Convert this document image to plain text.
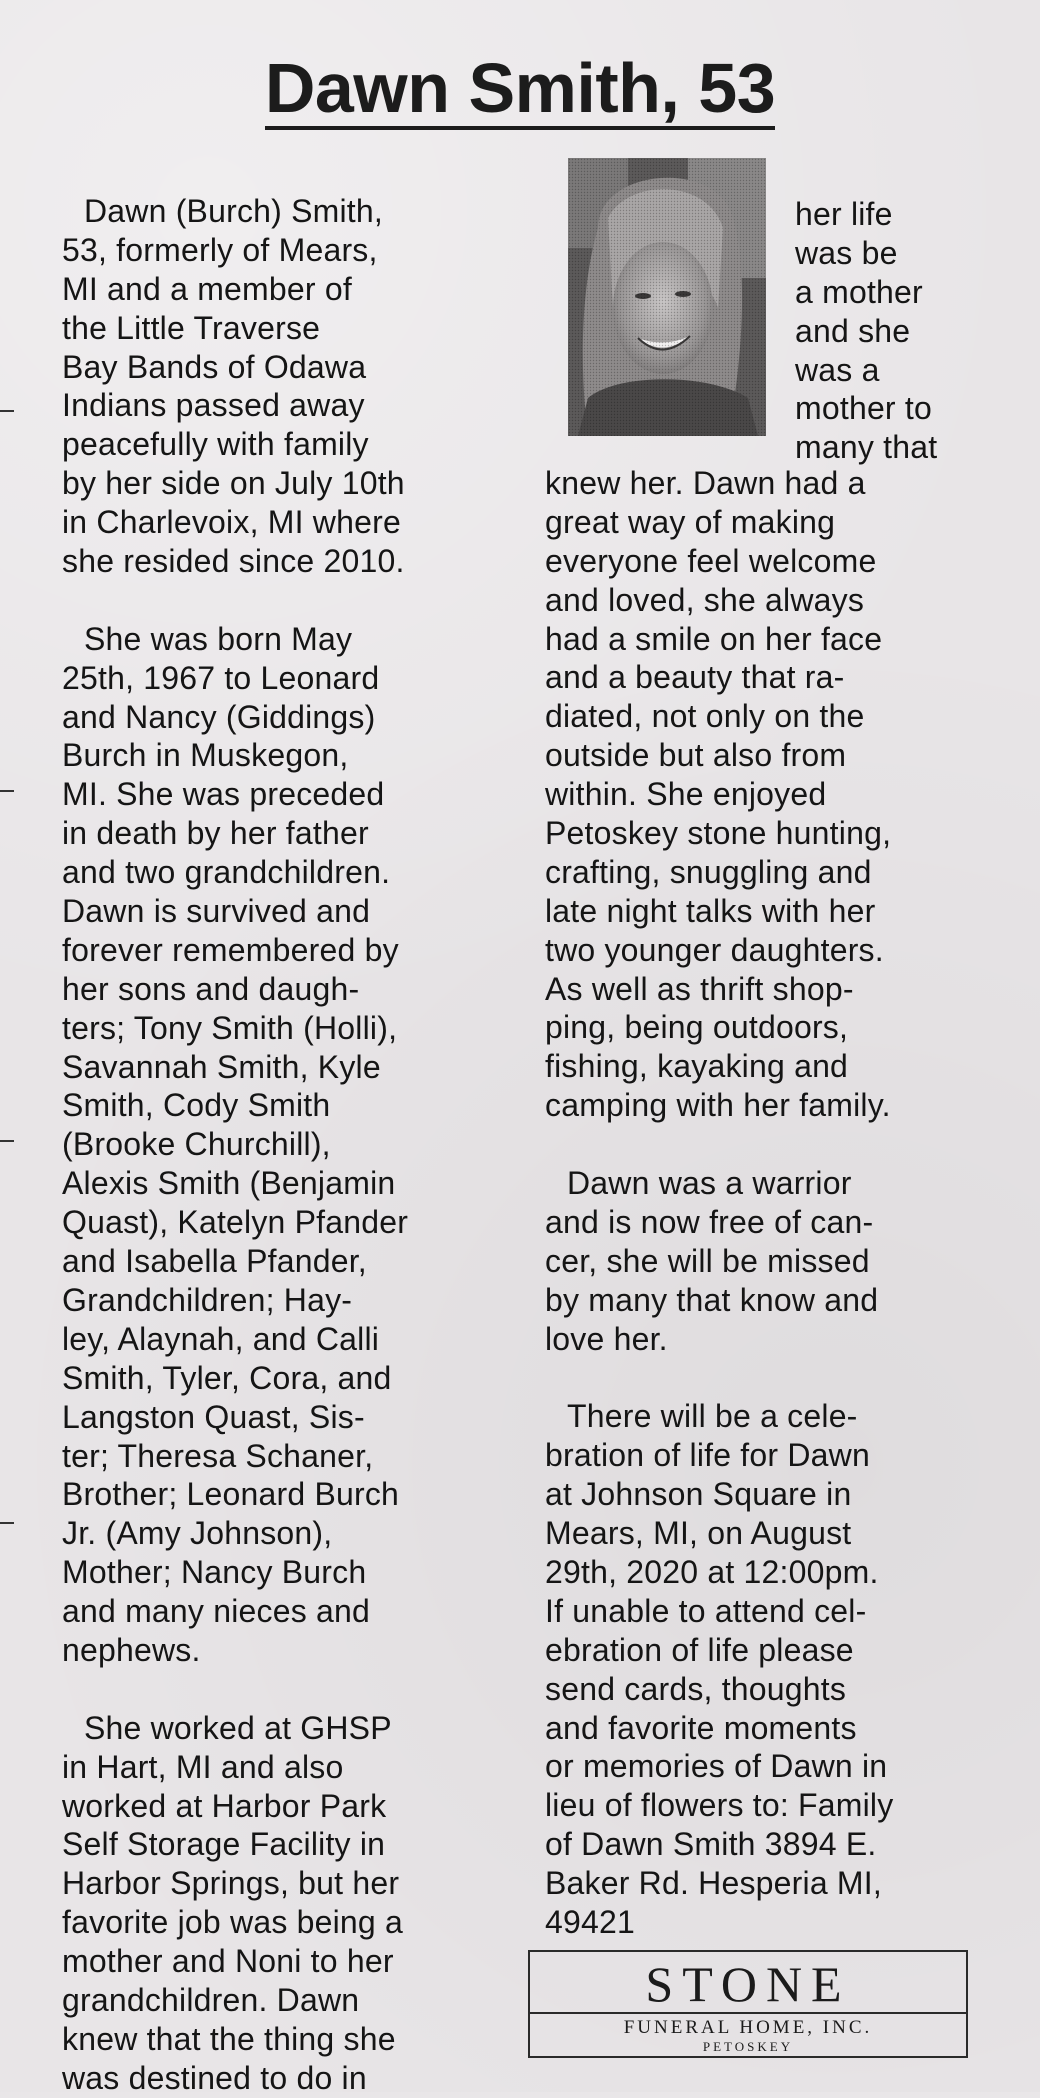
Dawn Smith, 53
Dawn (Burch) Smith,
53, formerly of Mears,
MI and a member of
the Little Traverse
Bay Bands of Odawa
Indians passed away
peacefully with family
by her side on July 10th
in Charlevoix, MI where
she resided since 2010.
She was born May
25th, 1967 to Leonard
and Nancy (Giddings)
Burch in Muskegon,
MI. She was preceded
in death by her father
and two grandchildren.
Dawn is survived and
forever remembered by
her sons and daugh-
ters; Tony Smith (Holli),
Savannah Smith, Kyle
Smith, Cody Smith
(Brooke Churchill),
Alexis Smith (Benjamin
Quast), Katelyn Pfander
and Isabella Pfander,
Grandchildren; Hay-
ley, Alaynah, and Calli
Smith, Tyler, Cora, and
Langston Quast, Sis-
ter; Theresa Schaner,
Brother; Leonard Burch
Jr. (Amy Johnson),
Mother; Nancy Burch
and many nieces and
nephews.
She worked at GHSP
in Hart, MI and also
worked at Harbor Park
Self Storage Facility in
Harbor Springs, but her
favorite job was being a
mother and Noni to her
grandchildren. Dawn
knew that the thing she
was destined to do in
her life
was be
a mother
and she
was a
mother to
many that
knew her. Dawn had a
great way of making
everyone feel welcome
and loved, she always
had a smile on her face
and a beauty that ra-
diated, not only on the
outside but also from
within. She enjoyed
Petoskey stone hunting,
crafting, snuggling and
late night talks with her
two younger daughters.
As well as thrift shop-
ping, being outdoors,
fishing, kayaking and
camping with her family.
Dawn was a warrior
and is now free of can-
cer, she will be missed
by many that know and
love her.
There will be a cele-
bration of life for Dawn
at Johnson Square in
Mears, MI, on August
29th, 2020 at 12:00pm.
If unable to attend cel-
ebration of life please
send cards, thoughts
and favorite moments
or memories of Dawn in
lieu of flowers to: Family
of Dawn Smith 3894 E.
Baker Rd. Hesperia MI,
49421
STONE
FUNERAL HOME, INC.
PETOSKEY
